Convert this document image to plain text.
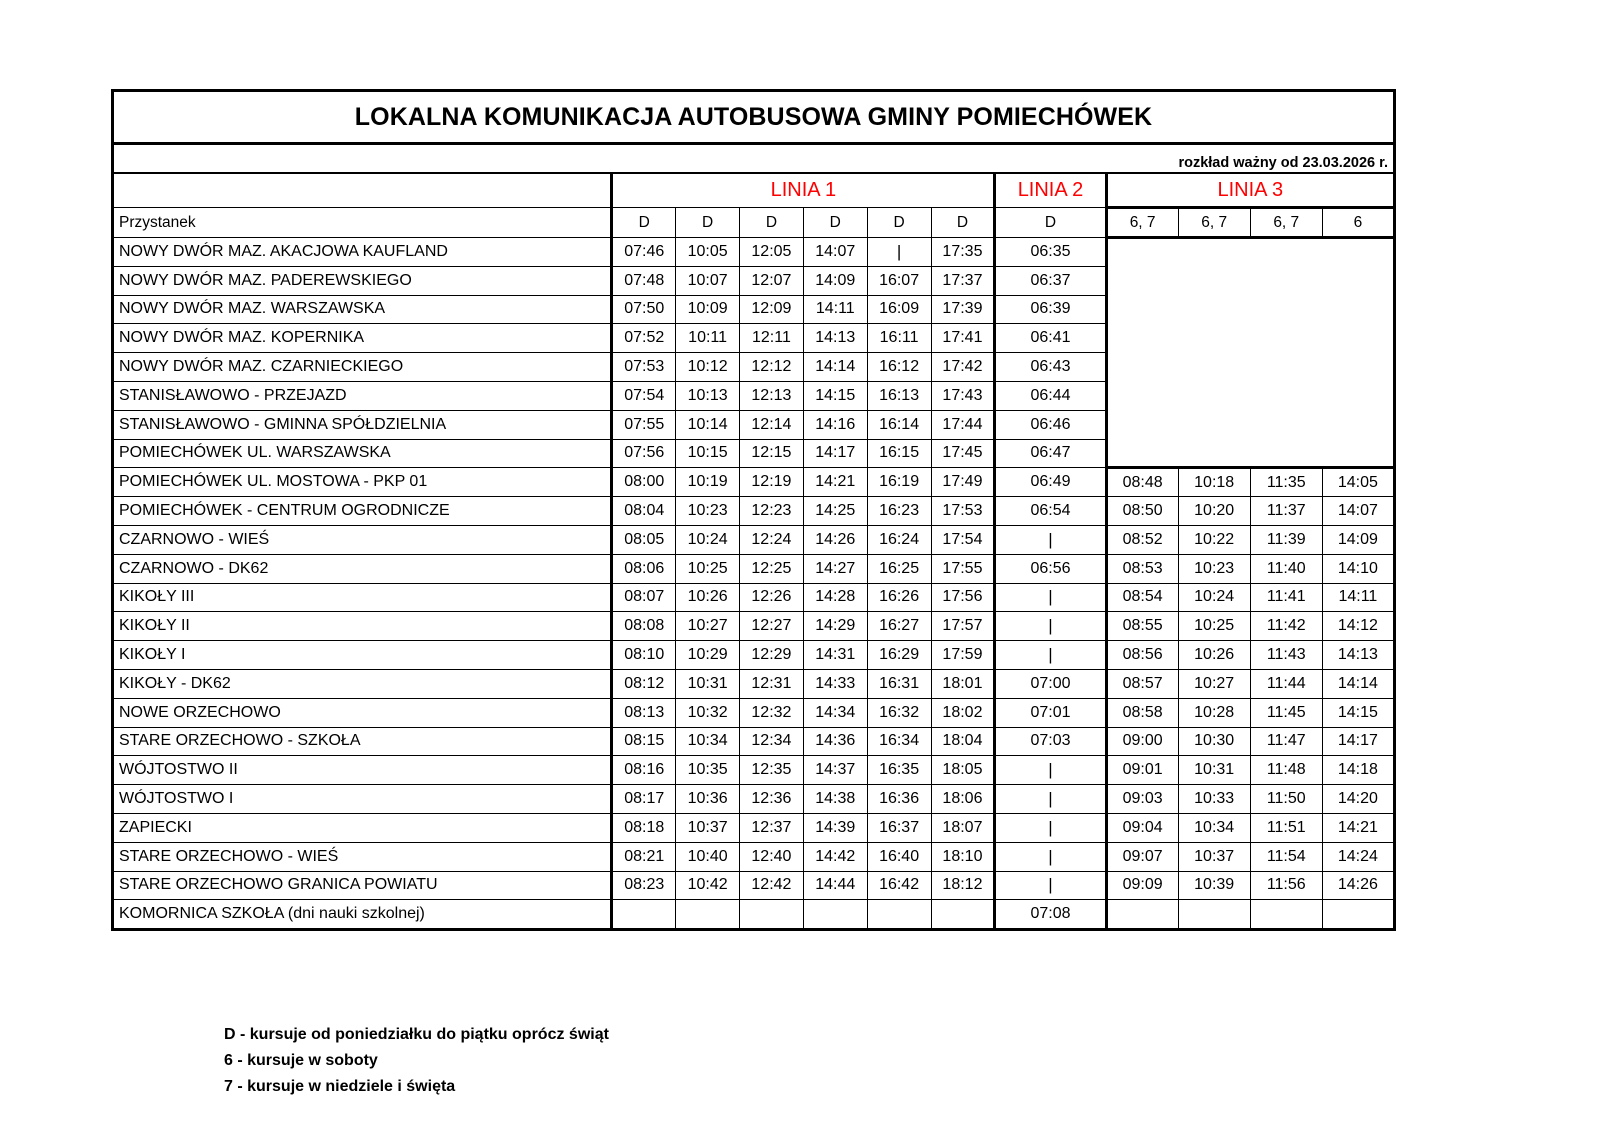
LOKALNA KOMUNIKACJA AUTOBUSOWA GMINY POMIECHÓWEK
rozkład ważny od 23.03.2026 r.
	LINIA 1						LINIA 2	LINIA 3			
Przystanek	D	D	D	D	D	D	D	6, 7	6, 7	6, 7	6
NOWY DWÓR MAZ. AKACJOWA KAUFLAND	07:46	10:05	12:05	14:07	|	17:35	06:35				
NOWY DWÓR MAZ. PADEREWSKIEGO	07:48	10:07	12:07	14:09	16:07	17:37	06:37				
NOWY DWÓR MAZ. WARSZAWSKA	07:50	10:09	12:09	14:11	16:09	17:39	06:39				
NOWY DWÓR MAZ. KOPERNIKA	07:52	10:11	12:11	14:13	16:11	17:41	06:41				
NOWY DWÓR MAZ. CZARNIECKIEGO	07:53	10:12	12:12	14:14	16:12	17:42	06:43				
STANISŁAWOWO - PRZEJAZD	07:54	10:13	12:13	14:15	16:13	17:43	06:44				
STANISŁAWOWO - GMINNA SPÓŁDZIELNIA	07:55	10:14	12:14	14:16	16:14	17:44	06:46				
POMIECHÓWEK UL. WARSZAWSKA	07:56	10:15	12:15	14:17	16:15	17:45	06:47				
POMIECHÓWEK UL. MOSTOWA - PKP 01	08:00	10:19	12:19	14:21	16:19	17:49	06:49	08:48	10:18	11:35	14:05
POMIECHÓWEK - CENTRUM OGRODNICZE	08:04	10:23	12:23	14:25	16:23	17:53	06:54	08:50	10:20	11:37	14:07
CZARNOWO - WIEŚ	08:05	10:24	12:24	14:26	16:24	17:54	|	08:52	10:22	11:39	14:09
CZARNOWO - DK62	08:06	10:25	12:25	14:27	16:25	17:55	06:56	08:53	10:23	11:40	14:10
KIKOŁY III	08:07	10:26	12:26	14:28	16:26	17:56	|	08:54	10:24	11:41	14:11
KIKOŁY II	08:08	10:27	12:27	14:29	16:27	17:57	|	08:55	10:25	11:42	14:12
KIKOŁY I	08:10	10:29	12:29	14:31	16:29	17:59	|	08:56	10:26	11:43	14:13
KIKOŁY - DK62	08:12	10:31	12:31	14:33	16:31	18:01	07:00	08:57	10:27	11:44	14:14
NOWE ORZECHOWO	08:13	10:32	12:32	14:34	16:32	18:02	07:01	08:58	10:28	11:45	14:15
STARE ORZECHOWO - SZKOŁA	08:15	10:34	12:34	14:36	16:34	18:04	07:03	09:00	10:30	11:47	14:17
WÓJTOSTWO II	08:16	10:35	12:35	14:37	16:35	18:05	|	09:01	10:31	11:48	14:18
WÓJTOSTWO I	08:17	10:36	12:36	14:38	16:36	18:06	|	09:03	10:33	11:50	14:20
ZAPIECKI	08:18	10:37	12:37	14:39	16:37	18:07	|	09:04	10:34	11:51	14:21
STARE ORZECHOWO - WIEŚ	08:21	10:40	12:40	14:42	16:40	18:10	|	09:07	10:37	11:54	14:24
STARE ORZECHOWO GRANICA POWIATU	08:23	10:42	12:42	14:44	16:42	18:12	|	09:09	10:39	11:56	14:26
KOMORNICA SZKOŁA (dni nauki szkolnej)							07:08				
D - kursuje od poniedziałku do piątku oprócz świąt
6 - kursuje w soboty
7 - kursuje w niedziele i święta
